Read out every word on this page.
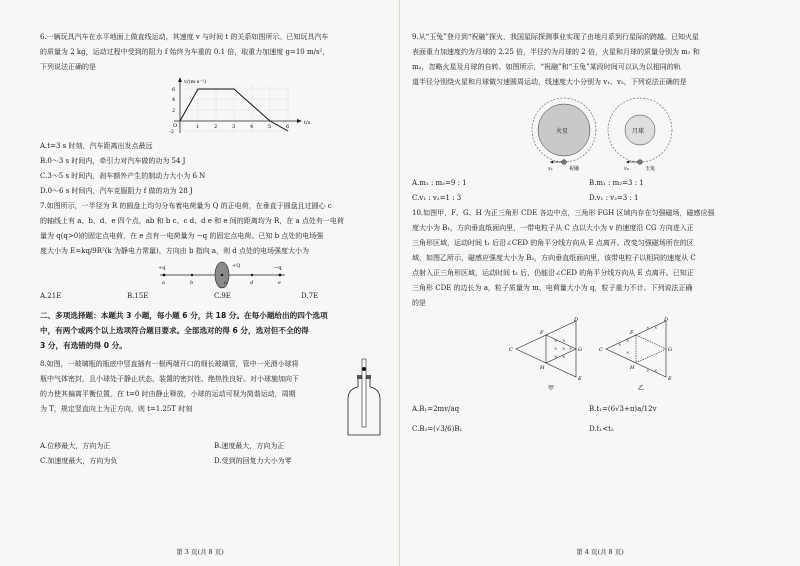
6.一辆玩具汽车在水平地面上做直线运动，其速度 v 与时间 t 的关系如图所示。已知玩具汽车

的质量为 2 kg，运动过程中受到的阻力 f 始终为车重的 0.1 倍，取重力加速度 g=10 m/s²，

下列说法正确的是

v/(m·s⁻¹)
t/s
6
4
2
-2
O	1	2	3	4	5	6

A.t=3 s 时刻，汽车距离出发点最远

B.0～3 s 时间内，牵引力对汽车做的功为 54 J

C.3～5 s 时间内，刹车额外产生的制动力大小为 6 N

D.0～6 s 时间内，汽车克服阻力 f 做的功为 28 J

7.如图所示，一半径为 R 的圆盘上均匀分布着电荷量为 Q 的正电荷，在垂直于圆盘且过圆心 c

的轴线上有 a、b、d、e 四个点，ab 和 b c、c d、d e 和 e 间的距离均为 R，在 a 点处有一电荷

量为 q(q>0)的固定点电荷，在 e 点有一电荷量为 −q 的固定点电荷。已知 b 点处的电场强

度大小为 E=kq/9R²(k 为静电力常量)，方向由 b 指向 a，则 d 点处的电场强度大小为

+q	+Q	−q
a	b	c	d	e
A.21E	B.15E	C.9E	D.7E

二、多项选择题：本题共 3 小题，每小题 6 分，共 18 分。在每小题给出的四个选项

中，有两个或两个以上选项符合题目要求。全部选对的得 6 分，选对但不全的得

3 分，有选错的得 0 分。

8.如图，一玻璃瓶的瓶底中竖直插有一根两端开口的细长玻璃管，管中一光滑小球将

瓶中气体密封，且小球处于静止状态，装置的密封性、绝热性良好。对小球施加向下

的力使其偏离平衡位置，在 t=0 时由静止释放，小球的运动可视为简谐运动，周期

为 T，规定竖直向上为正方向，则 t=1.25T 时刻

A.位移最大，方向为正	B.速度最大，方向为正
C.加速度最大，方向为负	D.受到的回复力大小为零
第 3 页(共 8 页)

9.从“玉兔”登月到“祝融”探火，我国星际探测事业实现了由地月系到行星际的跨越。已知火星

表面重力加速度约为月球的 2.25 倍，半径约为月球的 2 倍，火星和月球的质量分别为 m₁ 和

m₂，忽略火星及月球的自转。如图所示，“祝融”和“玉兔”某段时间可以认为以相同的轨

道半径分别绕火星和月球做匀速圆周运动，线速度大小分别为 v₁、v₂，下列说法正确的是

火星	月球
祝融	玉兔
v₁	v₂
A.m₁ : m₂=9 : 1	B.m₁ : m₂=3 : 1
C.v₁ : v₂=1 : 3	D.v₁ : v₂=3 : 1

10.如图甲，F、G、H 为正三角形 CDE 各边中点，三角形 FGH 区域内存在匀强磁场，磁感应强

度大小为 B₁，方向垂直纸面向里，一带电粒子从 C 点以大小为 v 的速度沿 CG 方向进入正

三角形区域，运动时间 t₁ 后沿∠CED 的角平分线方向从 E 点离开。改变匀强磁场所在的区

域，如图乙所示，磁感应强度大小为 B₂，方向垂直纸面向里，该带电粒子以相同的速度从 C

点射入正三角形区域，运动时间 t₂ 后，仍能沿∠CED 的角平分线方向从 E 点离开。已知正

三角形 CDE 的边长为 a，粒子质量为 m、电荷量大小为 q，粒子重力不计。下列说法正确

的是

× ×
× × ×
× ×
×
×
×
× ×
× ×
C
D
E
F
G
H
C
D
E
F
G
H
甲	乙
A.B₁=2mv/aq	B.t₁=(6√3+π)a/12v
C.B₂=(√3/6)B₁	D.t₁<t₂
第 4 页(共 8 页)
